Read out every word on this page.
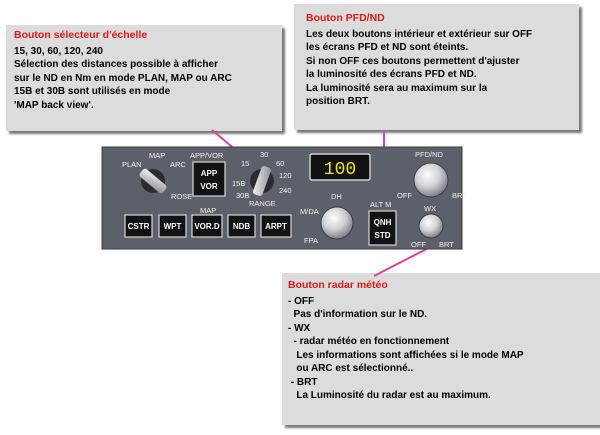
Bouton sélecteur d'échelle
15, 30, 60, 120, 240
Sélection des distances possible à afficher
sur le ND en Nm en mode PLAN, MAP ou ARC
15B et 30B sont utilisés en mode
'MAP back view'.
Bouton PFD/ND
Les deux boutons intérieur et extérieur sur OFF
les écrans PFD et ND sont éteints.
Si non OFF ces boutons permettent d'ajuster
la luminosité des écrans PFD et ND.
La luminosité sera au maximum sur la
position BRT.
Bouton radar météo
- OFF
Pas d'information sur le ND.
- WX
- radar météo en fonctionnement
Les informations sont affichées si le mode MAP
ou ARC est sélectionné..
- BRT
La Luminosité du radar est au maximum.
MAP
PLAN	ARC
ROSE
APP/VOR
APP
VOR
30
15	60
120
240
15B
30B
RANGE
100
PFD/ND
OFF	BRT
MAP
CSTR WPT VOR.D NDB ARPT
DH
M/DA
FPA
ALT M
QNH
STD
WX
OFF BRT
